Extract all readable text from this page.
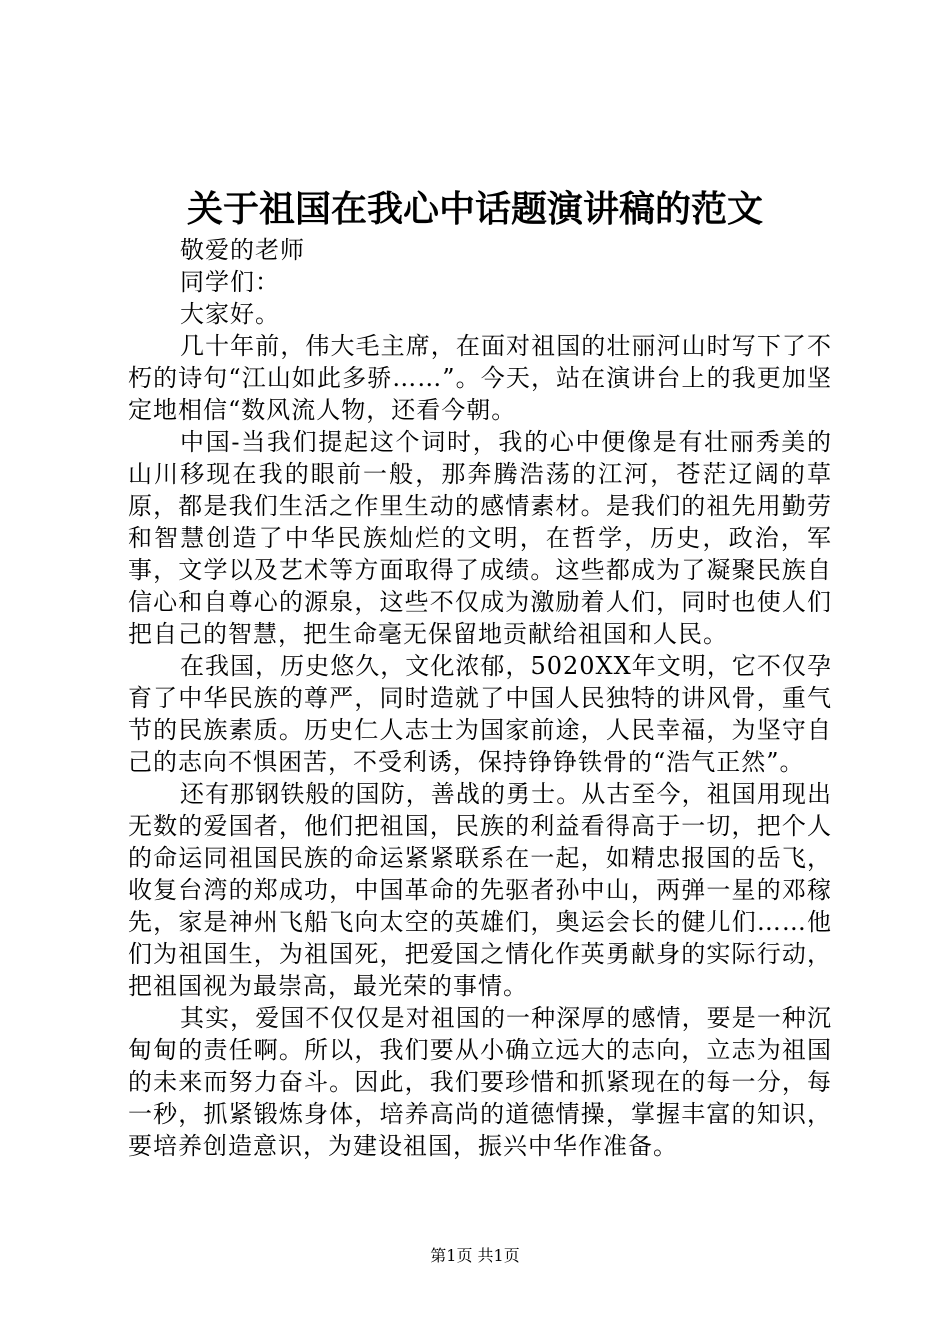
关于祖国在我心中话题演讲稿的范文

敬爱的老师

同学们：

大家好。

几十年前，伟大毛主席，在面对祖国的壮丽河山时写下了不朽的诗句“江山如此多骄……”。今天，站在演讲台上的我更加坚定地相信“数风流人物，还看今朝。

中国-当我们提起这个词时，我的心中便像是有壮丽秀美的山川移现在我的眼前一般，那奔腾浩荡的江河，苍茫辽阔的草原，都是我们生活之作里生动的感情素材。是我们的祖先用勤劳和智慧创造了中华民族灿烂的文明，在哲学，历史，政治，军事，文学以及艺术等方面取得了成绩。这些都成为了凝聚民族自信心和自尊心的源泉，这些不仅成为激励着人们，同时也使人们把自己的智慧，把生命毫无保留地贡献给祖国和人民。

在我国，历史悠久，文化浓郁，5020XX年文明，它不仅孕育了中华民族的尊严，同时造就了中国人民独特的讲风骨，重气节的民族素质。历史仁人志士为国家前途，人民幸福，为坚守自己的志向不惧困苦，不受利诱，保持铮铮铁骨的“浩气正然”。

还有那钢铁般的国防，善战的勇士。从古至今，祖国用现出无数的爱国者，他们把祖国，民族的利益看得高于一切，把个人的命运同祖国民族的命运紧紧联系在一起，如精忠报国的岳飞，收复台湾的郑成功，中国革命的先驱者孙中山，两弹一星的邓稼先，家是神州飞船飞向太空的英雄们，奥运会长的健儿们……他们为祖国生，为祖国死，把爱国之情化作英勇献身的实际行动，把祖国视为最崇高，最光荣的事情。

其实，爱国不仅仅是对祖国的一种深厚的感情，要是一种沉甸甸的责任啊。所以，我们要从小确立远大的志向，立志为祖国的未来而努力奋斗。因此，我们要珍惜和抓紧现在的每一分，每一秒，抓紧锻炼身体，培养高尚的道德情操，掌握丰富的知识，要培养创造意识，为建设祖国，振兴中华作准备。

第1页 共1页
